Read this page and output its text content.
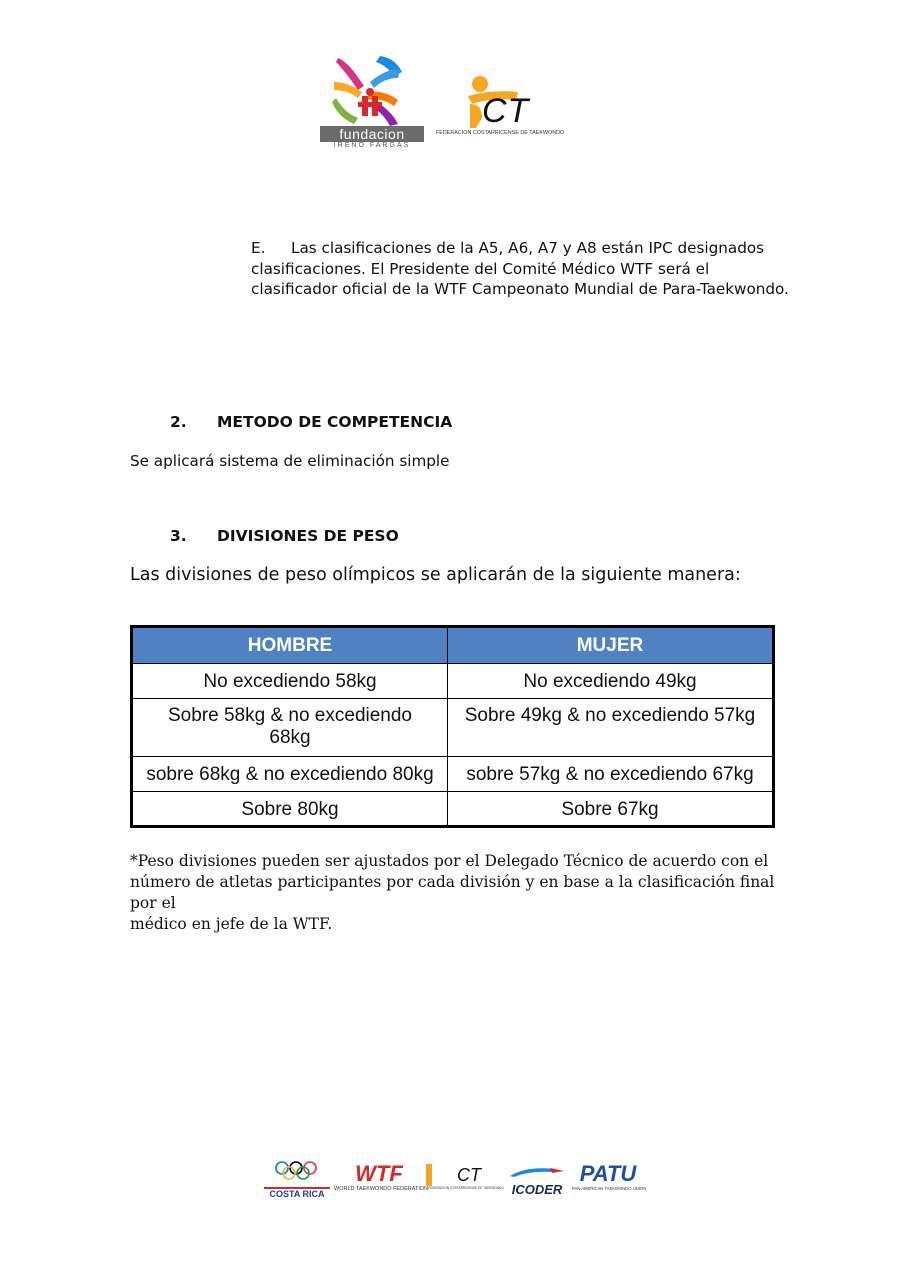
fundacion
IRENO FARGAS
CT
FEDERACION COSTARRICENSE DE TAEKWONDO
E. Las clasificaciones de la A5, A6, A7 y A8 están IPC designados
clasificaciones. El Presidente del Comité Médico WTF será el
clasificador oficial de la WTF Campeonato Mundial de Para-Taekwondo.
2. METODO DE COMPETENCIA
Se aplicará sistema de eliminación simple
3. DIVISIONES DE PESO
Las divisiones de peso olímpicos se aplicarán de la siguiente manera:
HOMBRE	MUJER
No excediendo 58kg	No excediendo 49kg
Sobre 58kg & no excediendo 68kg	Sobre 49kg & no excediendo 57kg
sobre 68kg & no excediendo 80kg	sobre 57kg & no excediendo 67kg
Sobre 80kg	Sobre 67kg
*Peso divisiones pueden ser ajustados por el Delegado Técnico de acuerdo con el
número de atletas participantes por cada división y en base a la clasificación final por el
médico en jefe de la WTF.
COSTA RICA
WTF
WORLD TAEKWONDO FEDERATION
CT
FEDERACION COSTARRICENSE DE TAEKWONDO ICODER
PATU
PAN AMERICAN TAEKWONDO UNION
